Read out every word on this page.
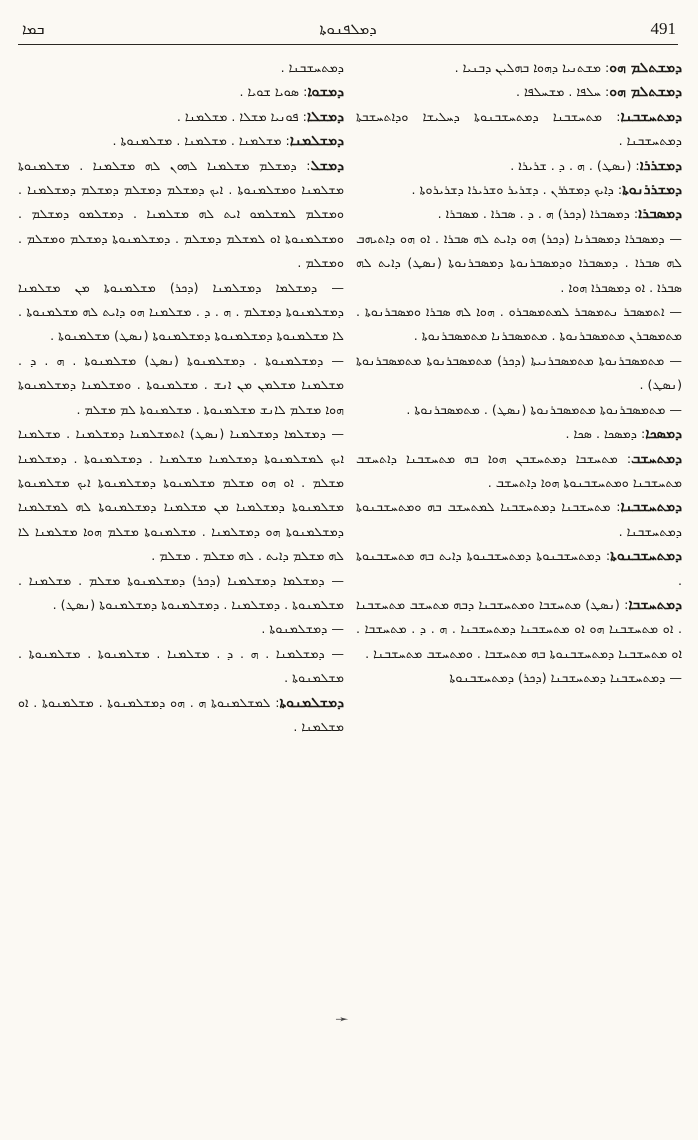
ܒܡܐ	ܕܡܠܦܢܘܬܐ	491
ܕܡܫܬܠܡ ܗܘ: ܡܫܬܢܝܐ ܕܗܘܐ ܒܗܠܝܢ ܕܒܢܝܐ .
ܕܡܫܬܠܡ ܗܘ: ܚܠܦܐ . ܡܫܚܠܦܐ .
ܕܡܬܚܫܒܢܐ: ܡܬܚܫܒܢܐ ܕܡܬܚܫܒܢܘܬܐ ܕܚܠܝܫܐ ܘܕܐܬܚܫܒܬܐ ܕܡܬܚܫܒܢܐ .
ܕܡܫܪܪܐ: (ܢܣܛ) . ܗ . ܕ . ܫܪܝܪܐ .
ܕܡܫܪܪܢܘܬܐ: ܕܐܝܟ ܕܡܫܪܪܢ . ܕܫܪܝܪ ܘܫܪܝܪܐ ܕܫܪܝܪܘܬܐ .
ܕܡܣܒܪܐ: ܕܡܣܒܪܐ (ܕܟܪ) ܗ . ܕ . ܣܒܪܐ . ܡܣܒܪܐ .
— ܕܡܣܒܪܐ ܕܡܣܒܪܢܐ (ܕܟܪ) ܗܘ ܕܐܝܬ ܠܗ ܣܒܪܐ . ܐܘ ܗܘ ܕܐܬܝܗܒ ܠܗ ܣܒܪܐ . ܕܡܣܒܪܐ ܘܕܡܣܒܪܢܘܬܐ ܕܡܣܒܪܢܘܬܐ (ܢܣܛ) ܕܐܝܬ ܠܗ ܣܒܪܐ . ܐܘ ܕܡܣܒܪܐ ܗܘܐ .
— ܐܬܡܣܒܪ ܢܬܡܣܒܪ ܠܡܬܡܣܒܪܘ . ܗܘܐ ܠܗ ܣܒܪܐ ܘܡܣܒܪܢܘܬܐ . ܡܬܡܣܒܪܢ ܡܬܡܣܒܪܢܘܬܐ . ܡܬܡܣܒܪܢܐ ܡܬܡܣܒܪܢܘܬܐ .
— ܡܬܡܣܒܪܢܘܬܐ ܡܬܡܣܒܪܢܝܬܐ (ܕܟܪ) ܡܬܡܣܒܪܢܘܬܐ ܡܬܡܣܒܪܢܘܬܐ (ܢܣܛ) .
— ܡܬܡܣܒܪܢܘܬܐ ܡܬܡܣܒܪܢܘܬܐ (ܢܣܛ) . ܡܬܡܣܒܪܢܘܬܐ .
ܕܡܣܟܐ: ܕܡܣܟܐ . ܣܟܐ .
ܕܡܬܚܫܒ: ܡܬܚܫܒܐ ܕܡܬܚܫܒܢ ܗܘܐ ܒܗ ܡܬܚܫܒܢܐ ܕܐܬܚܫܒ ܡܬܚܫܒܢܐ ܘܡܬܚܫܒܢܘܬܐ ܗܘܐ ܕܐܬܚܫܒ .
ܕܡܬܚܫܒܢܐ: ܡܬܚܫܒܢܐ ܕܡܬܚܫܒܢܐ ܠܡܬܚܫܒ ܒܗ ܘܡܬܚܫܒܢܘܬܐ ܕܡܬܚܫܒܢܐ .
ܕܡܬܚܫܒܢܘܬܐ: ܕܡܬܚܫܒܢܘܬܐ ܕܡܬܚܫܒܢܘܬܐ ܕܐܝܬ ܒܗ ܡܬܚܫܒܢܘܬܐ .
ܕܡܬܚܫܒܐ: (ܢܣܛ) ܡܬܚܫܒܐ ܘܡܬܚܫܒܢܐ ܕܒܗ ܡܬܚܫܒ ܡܬܚܫܒܢܐ . ܐܘ ܡܬܚܫܒܢܐ ܗܘ ܐܘ ܡܬܚܫܒܢܐ ܕܡܬܚܫܒܢܐ . ܗ . ܕ . ܡܬܚܫܒܐ . ܐܘ ܡܬܚܫܒܢܐ ܕܡܬܚܫܒܢܘܬܐ ܒܗ ܡܬܚܫܒܐ . ܘܡܬܚܫܒ ܡܬܚܫܒܢܐ .
— ܕܡܬܚܫܒܢܐ ܕܡܬܚܫܒܢܐ (ܕܟܪ) ܕܡܬܚܫܒܢܘܬܐ
ܕܡܬܚܫܒܢܐ .
ܕܡܫܘܐ: ܣܘܝܐ ܫܘܝܐ .
ܕܡܫܠܐ: ܦܘܢܝܐ ܡܫܠܐ . ܡܫܠܡܢܐ .
ܕܡܫܠܡܢܐ: ܡܫܠܡܢܐ . ܡܫܠܡܢܐ . ܡܫܠܡܢܘܬܐ .
ܕܡܫܠ: ܕܡܫܠܡ ܡܫܠܡܢܐ ܠܗܘܢ ܠܗ ܡܫܠܡܢܐ . ܡܫܠܡܢܘܬܐ ܡܫܠܡܢܐ ܘܡܫܠܡܢܘܬܐ . ܐܝܟ ܕܡܫܠܡ ܕܡܫܠܡ ܕܡܫܠܡ ܕܡܫܠܡܢܐ . ܘܡܫܠܡ ܠܡܫܠܡܘ ܐܝܬ ܠܗ ܡܫܠܡܢܐ . ܕܡܫܠܡܘ ܕܡܫܠܡ . ܘܡܫܠܡܢܘܬܐ ܐܘ ܠܡܫܠܡ ܕܡܫܠܡ . ܕܡܫܠܡܢܘܬܐ ܕܡܫܠܡ ܘܡܫܠܡ . ܘܡܫܠܡ .
— ܕܡܫܠܡܐ ܕܡܫܠܡܢܐ (ܕܟܪ) ܡܫܠܡܢܘܬܐ ܡܢ ܡܫܠܡܢܐ ܕܡܫܠܡܢܘܬܐ ܕܡܫܠܡ . ܗ . ܕ . ܡܫܠܡܢܐ ܗܘ ܕܐܝܬ ܠܗ ܡܫܠܡܢܘܬܐ . ܠܐ ܡܫܠܡܢܘܬܐ ܕܡܫܠܡܢܘܬܐ ܕܡܫܠܡܢܘܬܐ (ܢܣܛ) ܡܫܠܡܢܘܬܐ .
— ܕܡܫܠܡܢܘܬܐ . ܕܡܫܠܡܢܘܬܐ (ܢܣܛ) ܡܫܠܡܢܘܬܐ . ܗ . ܕ . ܡܫܠܡܢܐ ܡܫܠܡܢ ܡܢ ܐܢܫ . ܡܫܠܡܢܘܬܐ . ܘܡܫܠܡܢܐ ܕܡܫܠܡܢܘܬܐ ܗܘܐ ܡܫܠܡ ܠܐܢܫ ܡܫܠܡܢܘܬܐ . ܡܫܠܡܢܘܬܐ ܠܡ ܡܫܠܡ .
— ܕܡܫܠܡܐ ܕܡܫܠܡܢܐ (ܢܣܛ) ܐܬܡܫܠܡܢܐ ܕܡܫܠܡܢܐ . ܡܫܠܡܢܐ ܐܝܟ ܠܡܫܠܡܢܘܬܐ ܕܡܫܠܡܢܐ ܡܫܠܡܢܐ . ܕܡܫܠܡܢܘܬܐ . ܕܡܫܠܡܢܐ ܡܫܠܡ . ܐܘ ܗܘ ܡܫܠܡ ܡܫܠܡܢܘܬܐ ܕܡܫܠܡܢܘܬܐ ܐܝܟ ܡܫܠܡܢܘܬܐ ܡܫܠܡܢܘܬܐ ܕܡܫܠܡܢܐ ܡܢ ܡܫܠܡܢܐ ܕܡܫܠܡܢܘܬܐ ܠܗ ܠܡܫܠܡܢܐ ܕܡܫܠܡܢܘܬܐ ܗܘ ܕܡܫܠܡܢܐ . ܡܫܠܡܢܘܬܐ ܡܫܠܡ ܗܘܐ ܡܫܠܡܢܐ ܠܐ ܠܗ ܡܫܠܡ ܕܐܝܬ . ܠܗ ܡܫܠܡ . ܡܫܠܡ .
— ܕܡܫܠܡܐ ܕܡܫܠܡܢܐ (ܕܟܪ) ܕܡܫܠܡܢܘܬܐ ܡܫܠܡ . ܡܫܠܡܢܐ . ܡܫܠܡܢܘܬܐ . ܕܡܫܠܡܢܐ . ܕܡܫܠܡܢܘܬܐ ܕܡܫܠܡܢܘܬܐ (ܢܣܛ) .
— ܕܡܫܠܡܢܘܬܐ .
— ܕܡܫܠܡܢܐ . ܗ . ܕ . ܡܫܠܡܢܐ . ܡܫܠܡܢܘܬܐ . ܡܫܠܡܢܘܬܐ . ܡܫܠܡܢܘܬܐ .
ܕܡܫܠܡܢܘܬܐ: ܠܡܫܠܡܢܘܬܐ ܗ . ܗܘ ܕܡܫܠܡܢܘܬܐ . ܡܫܠܡܢܘܬܐ . ܐܘ ܡܫܠܡܢܐ .
➛
